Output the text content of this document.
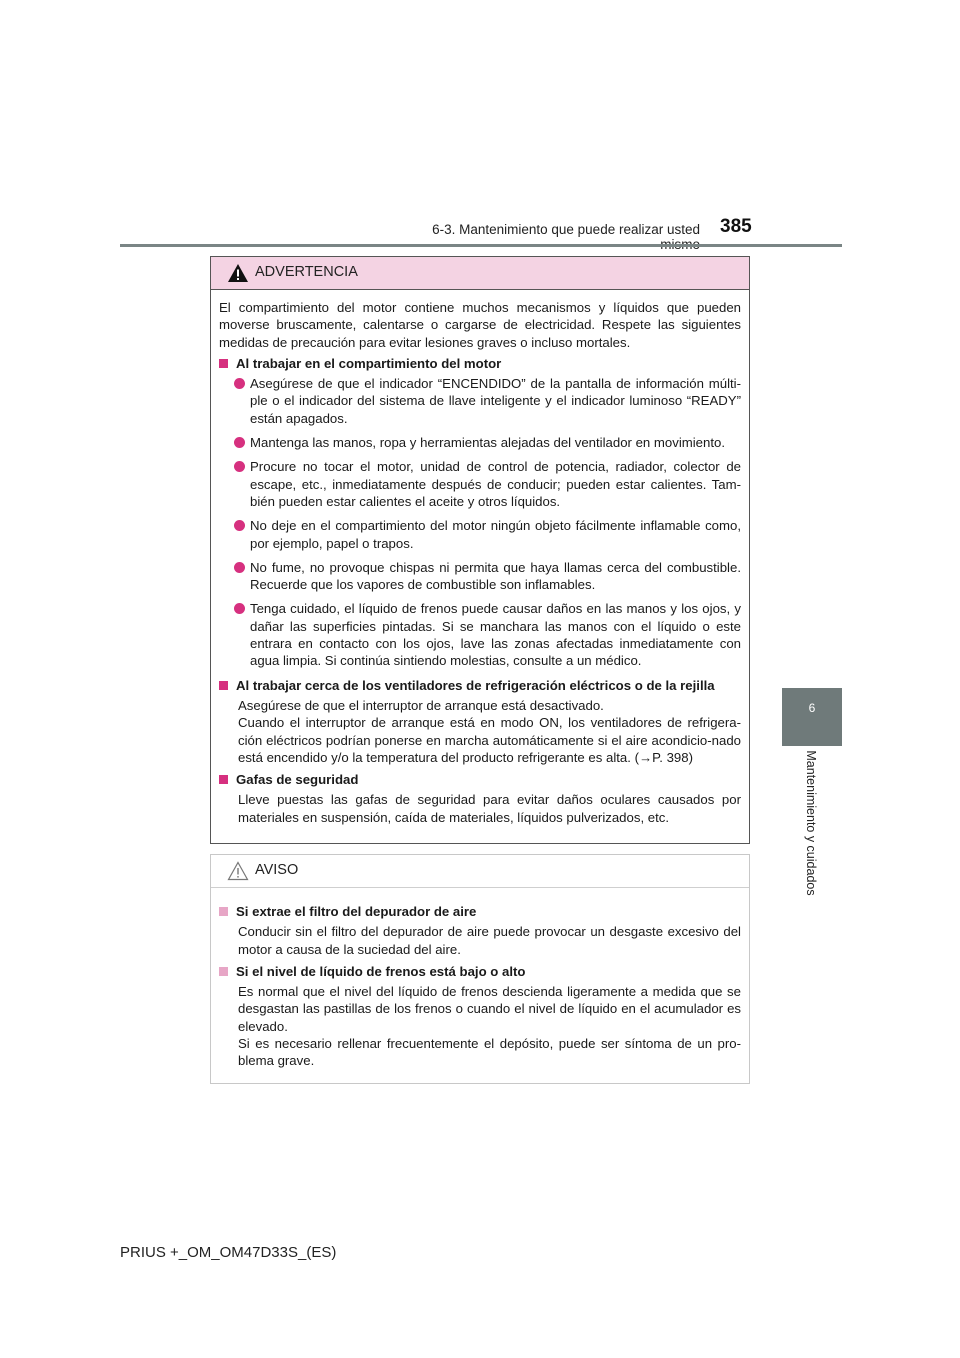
6-3. Mantenimiento que puede realizar usted 385
6
Mantenimiento y cuidados
ADVERTENCIA

El compartimiento del motor contiene muchos mecanismos y líquidos que pueden moverse bruscamente, calentarse o cargarse de electricidad. Respete las siguientes medidas de precaución para evitar lesiones graves o incluso mortales.

Al trabajar en el compartimiento del motor
Asegúrese de que el indicador “ENCENDIDO” de la pantalla de información múlti-ple o el indicador del sistema de llave inteligente y el indicador luminoso “READY” están apagados.
Mantenga las manos, ropa y herramientas alejadas del ventilador en movimiento.
Procure no tocar el motor, unidad de control de potencia, radiador, colector de escape, etc., inmediatamente después de conducir; pueden estar calientes. Tam-bién pueden estar calientes el aceite y otros líquidos.
No deje en el compartimiento del motor ningún objeto fácilmente inflamable como, por ejemplo, papel o trapos.
No fume, no provoque chispas ni permita que haya llamas cerca del combustible. Recuerde que los vapores de combustible son inflamables.
Tenga cuidado, el líquido de frenos puede causar daños en las manos y los ojos, y dañar las superficies pintadas. Si se manchara las manos con el líquido o este entrara en contacto con los ojos, lave las zonas afectadas inmediatamente con agua limpia. Si continúa sintiendo molestias, consulte a un médico.
Al trabajar cerca de los ventiladores de refrigeración eléctricos o de la rejilla
Asegúrese de que el interruptor de arranque está desactivado.
Cuando el interruptor de arranque está en modo ON, los ventiladores de refrigera-ción eléctricos podrían ponerse en marcha automáticamente si el aire acondicio-nado está encendido y/o la temperatura del producto refrigerante es alta. (→P. 398)
Gafas de seguridad
Lleve puestas las gafas de seguridad para evitar daños oculares causados por materiales en suspensión, caída de materiales, líquidos pulverizados, etc.
AVISO
Si extrae el filtro del depurador de aire
Conducir sin el filtro del depurador de aire puede provocar un desgaste excesivo del motor a causa de la suciedad del aire.
Si el nivel de líquido de frenos está bajo o alto
Es normal que el nivel del líquido de frenos descienda ligeramente a medida que se desgastan las pastillas de los frenos o cuando el nivel de líquido en el acumulador es elevado.
Si es necesario rellenar frecuentemente el depósito, puede ser síntoma de un pro-blema grave.
PRIUS +_OM_OM47D33S_(ES)
